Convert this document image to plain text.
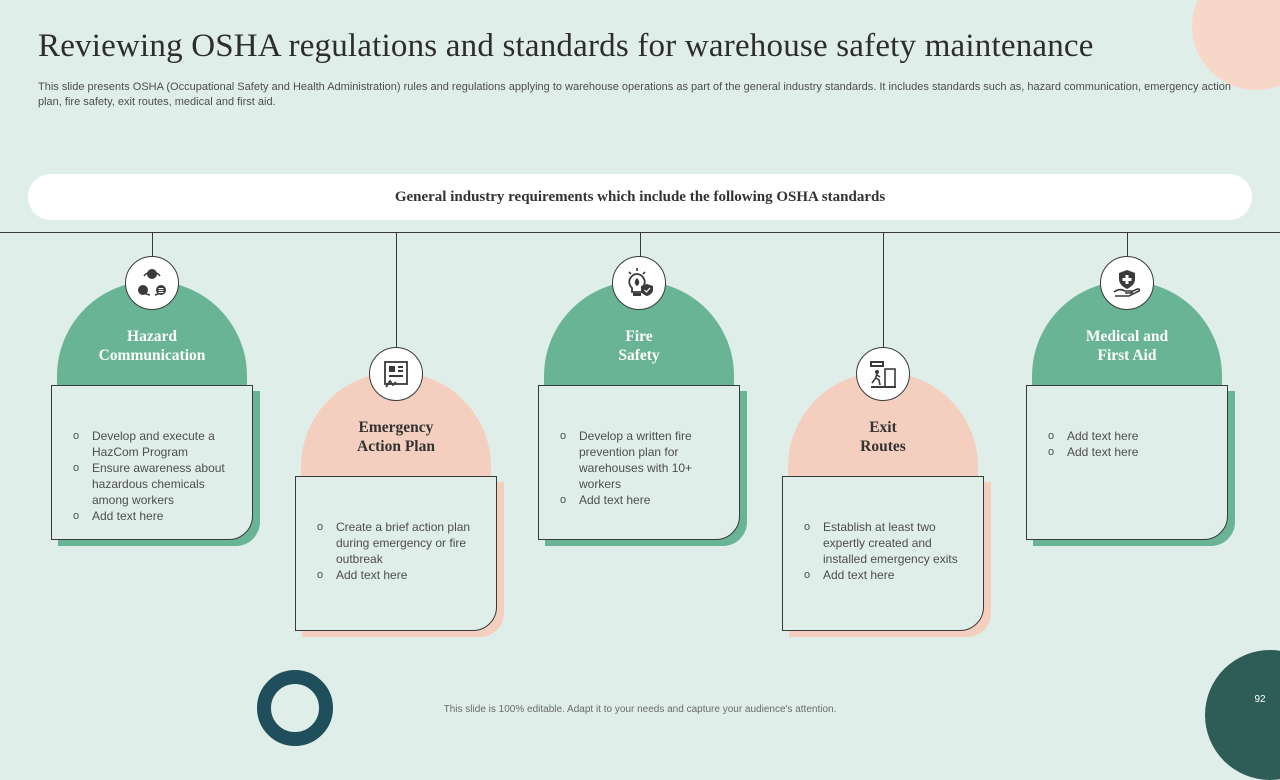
Reviewing OSHA regulations and standards for warehouse safety maintenance
This slide presents OSHA (Occupational Safety and Health Administration) rules and regulations applying to warehouse operations as part of the general industry standards. It includes standards such as, hazard communication, emergency action plan, fire safety, exit routes, medical and first aid.
General industry requirements which include the following OSHA standards
Hazard
Communication
o Develop and execute a HazCom Program
o Ensure awareness about hazardous chemicals among workers
o Add text here
Emergency
Action Plan
o Create a brief action plan during emergency or fire outbreak
o Add text here
Fire
Safety
o Develop a written fire prevention plan for warehouses with 10+ workers
o Add text here
Exit
Routes
o Establish at least two expertly created and installed emergency exits
o Add text here
Medical and
First Aid
o Add text here
o Add text here
This slide is 100% editable. Adapt it to your needs and capture your audience's attention.
92
